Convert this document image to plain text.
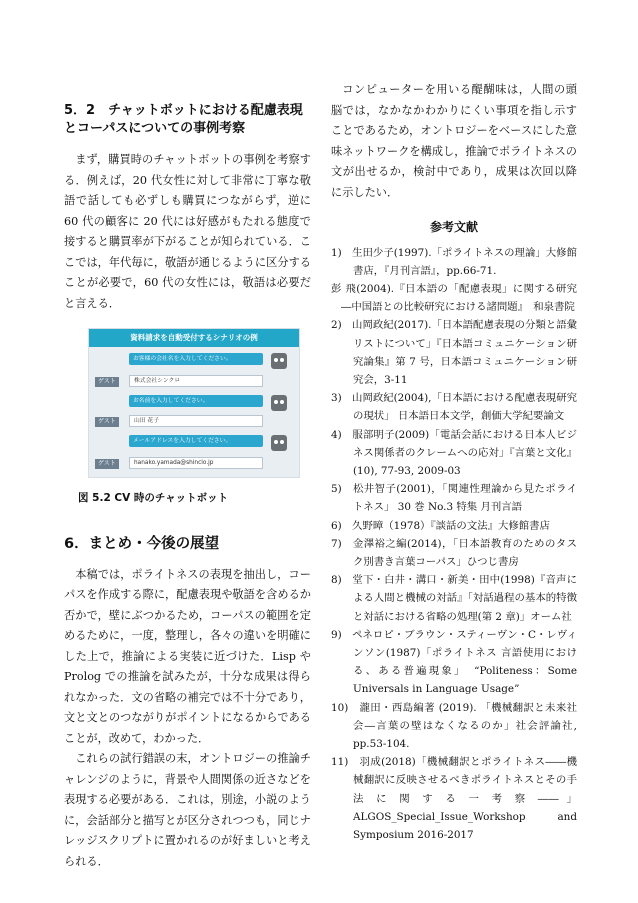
5．2　チャットボットにおける配慮表現とコーパスについての事例考察

まず，購買時のチャットボットの事例を考察する．例えば，20 代女性に対して非常に丁寧な敬語で話しても必ずしも購買につながらず，逆に 60 代の顧客に 20 代には好感がもたれる態度で接すると購買率が下がることが知られている．ここでは，年代毎に，敬語が通じるように区分することが必要で，60 代の女性には，敬語は必要だと言える．

資料請求を自動受付するシナリオの例
お客様の会社名を入力してください。
ゲスト	株式会社シンクロ
お名前を入力してください。
ゲスト	山田 花子
メールアドレスを入力してください。
ゲスト	hanako.yamada@shinclo.jp
図 5.2 CV 時のチャットボット
6．まとめ・今後の展望

本稿では，ポライトネスの表現を抽出し，コーパスを作成する際に，配慮表現や敬語を含めるか否かで，壁にぶつかるため，コーパスの範囲を定めるために，一度，整理し，各々の違いを明確にした上で，推論による実装に近づけた．Lisp や Prolog での推論を試みたが，十分な成果は得られなかった．文の省略の補完では不十分であり，文と文とのつながりがポイントになるからであることが，改めて，わかった．

これらの試行錯誤の末，オントロジーの推論チャレンジのように，背景や人間関係の近さなどを表現する必要がある．これは，別途，小説のように，会話部分と描写とが区分されつつも，同じナレッジスクリプトに置かれるのが好ましいと考えられる．

コンピューターを用いる醍醐味は，人間の頭脳では，なかなかわかりにくい事項を指し示すことであるため，オントロジーをベースにした意味ネットワークを構成し，推論でポライトネスの文が出せるか，検討中であり，成果は次回以降に示したい．

参考文献
1)　生田少子(1997).「ポライトネスの理論」大修館書店，『月刊言語』，pp.66-71.
彭 飛(2004).『日本語の「配慮表現」に関する研究―中国語との比較研究における諸問題』　和泉書院
2)　山岡政紀(2017).「日本語配慮表現の分類と語彙リストについて」『日本語コミュニケーション研究論集』第 7 号，日本語コミュニケーション研究会，3-11
3)　山岡政紀(2004),「日本語における配慮表現研究の現状」 日本語日本文学，創価大学紀要論文
4)　服部明子(2009)「電話会話における日本人ビジネス関係者のクレームへの応対」『言葉と文化』 (10), 77-93, 2009-03
5)　松井智子(2001)，「関連性理論から見たポライトネス」 30 巻 No.3 特集 月刊言語
6)　久野暲（1978）『談話の文法』大修館書店
7)　金澤裕之編(2014)，「日本語教育のためのタスク別書き言葉コーパス」ひつじ書房
8)　堂下・白井・溝口・新美・田中(1998)『音声による人間と機械の対話』「対話過程の基本的特徴と対話における省略の処理(第 2 章)」オーム社
9)　ペネロピ・ブラウン・スティーヴン・C・レヴィンソン(1987)「ポライトネス 言語使用における、ある普遍現象」　“Politeness：Some Universals in Language Usage”
10)　瀧田・西島編著 (2019). 「機械翻訳と未来社会―言葉の壁はなくなるのか」社会評論社, pp.53-104.
11)　羽成(2018)「機械翻訳とポライトネス――機械翻訳に反映させるべきポライトネスとその手法 に 関 す る 一 考 察 ―― 」 ALGOS_Special_Issue_Workshop　and Symposium 2016-2017
